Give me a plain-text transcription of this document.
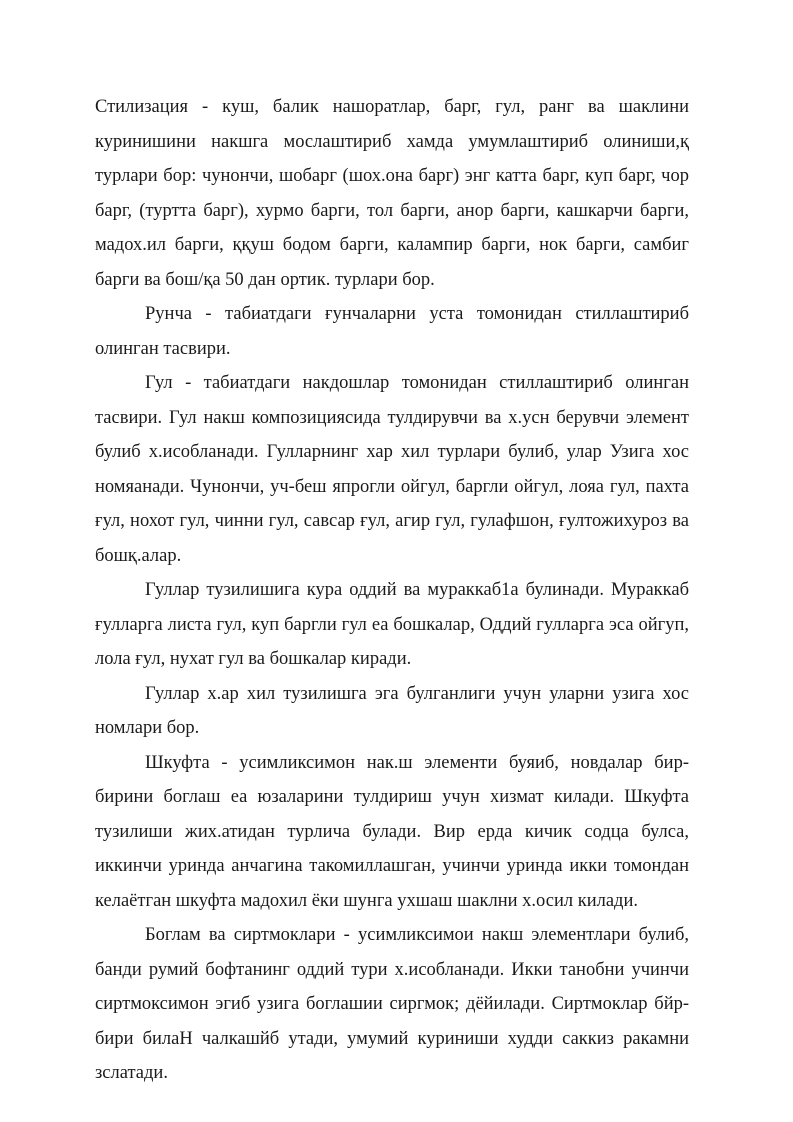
Стилизация - куш, балик нашоратлар, барг, гул, ранг ва шаклини куринишини накшга мослаштириб хамда умумлаштириб олиниши,қ турлари бор: чунончи, шобарг (шох.она барг) энг катта барг, куп барг, чор барг, (туртта барг), хурмо барги, тол барги, анор барги, кашкарчи барги, мадох.ил барги, ққуш бодом барги, калампир барги, нок барги, самбиг барги ва бош/қа 50 дан ортик. турлари бор.

Рунча - табиатдаги ғунчаларни уста томонидан стиллаштириб олинган тасвири.

Гул - табиатдаги накдошлар томонидан стиллаштириб олинган тасвири. Гул накш композициясида тулдирувчи ва х.усн берувчи элемент булиб х.исобланади. Гулларнинг хар хил турлари булиб, улар Узига хос номяанади. Чунончи, уч-беш япрогли ойгул, баргли ойгул, лояа гул, пахта ғул, нохот гул, чинни гул, савсар ғул, агир гул, гулафшон, ғултожихуроз ва бошқ.алар.

Гуллар тузилишига кура оддий ва мураккаб1а булинади. Мураккаб ғулларга листа гул, куп баргли гул еа бошкалар, Оддий гулларга эса ойгуп, лола ғул, нухат гул ва бошкалар киради.

Гуллар х.ар хил тузилишга эга булганлиги учун уларни узига хос номлари бор.

Шкуфта - усимликсимон нак.ш элементи буяиб, новдалар бир-бирини боглаш еа юзаларини тулдириш учун хизмат килади. Шкуфта тузилиши жих.атидан турлича булади. Вир ерда кичик содца булса, иккинчи уринда анчагина такомиллашган, учинчи уринда икки томондан келаётган шкуфта мадохил ёки шунга ухшаш шаклни х.осил килади.

Боглам ва сиртмоклари - усимликсимои накш элементлари булиб, банди румий бофтанинг оддий тури х.исобланади. Икки танобни учинчи сиртмоксимон эгиб узига боглашии сиргмок; дёйилади. Сиртмоклар бйр-бири билаН чалкашйб утади, умумий куриниши худди саккиз ракамни зслатади.
